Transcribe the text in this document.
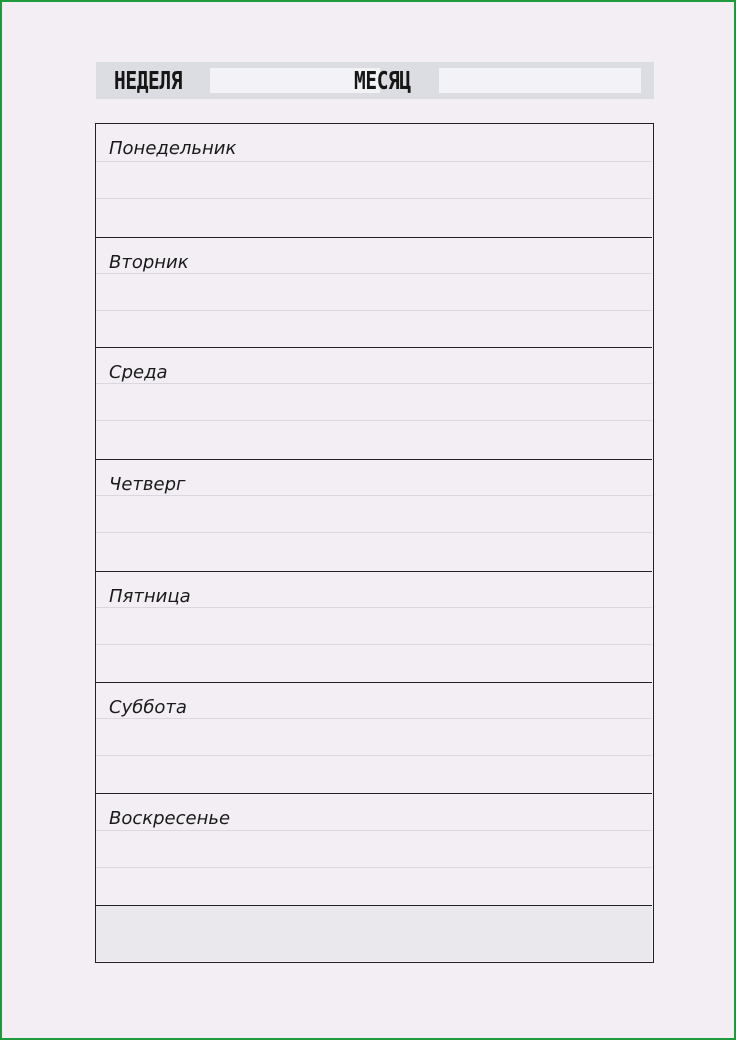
НЕДЕЛЯ	МЕСЯЦ
Понедельник
Вторник
Среда
Четверг
Пятница
Суббота
Воскресенье
